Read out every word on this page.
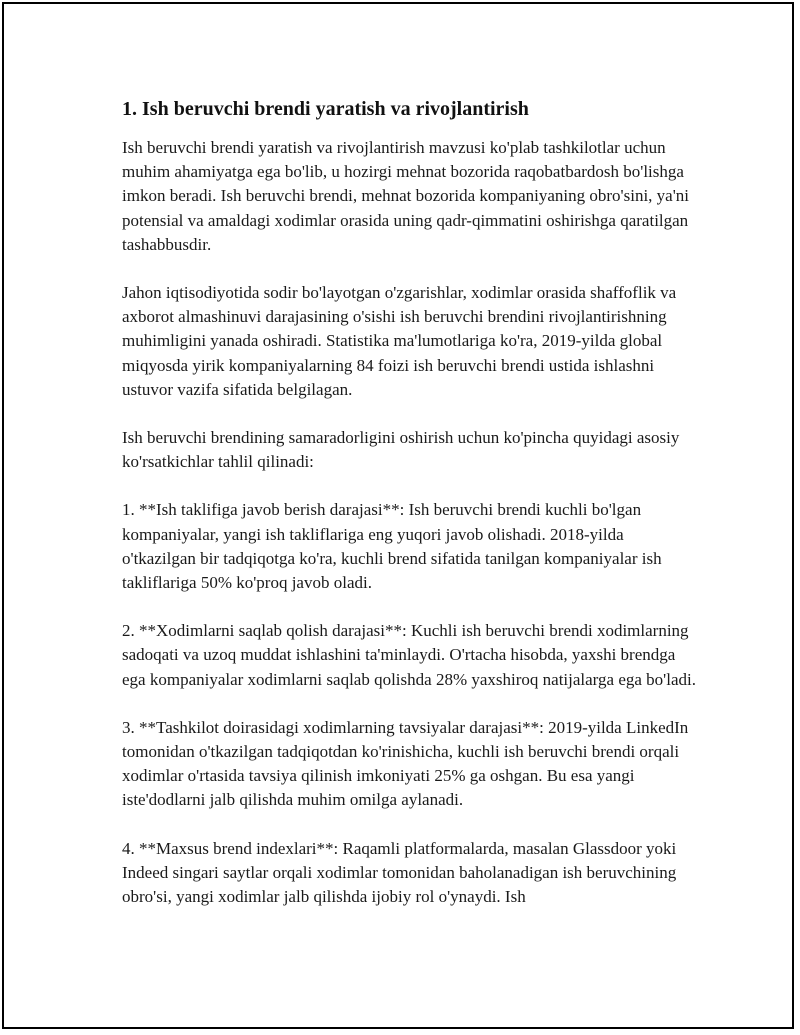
1. Ish beruvchi brendi yaratish va rivojlantirish

Ish beruvchi brendi yaratish va rivojlantirish mavzusi ko'plab tashkilotlar uchun muhim ahamiyatga ega bo'lib, u hozirgi mehnat bozorida raqobatbardosh bo'lishga imkon beradi. Ish beruvchi brendi, mehnat bozorida kompaniyaning obro'sini, ya'ni potensial va amaldagi xodimlar orasida uning qadr-qimmatini oshirishga qaratilgan tashabbusdir.

Jahon iqtisodiyotida sodir bo'layotgan o'zgarishlar, xodimlar orasida shaffoflik va axborot almashinuvi darajasining o'sishi ish beruvchi brendini rivojlantirishning muhimligini yanada oshiradi. Statistika ma'lumotlariga ko'ra, 2019-yilda global miqyosda yirik kompaniyalarning 84 foizi ish beruvchi brendi ustida ishlashni ustuvor vazifa sifatida belgilagan.

Ish beruvchi brendining samaradorligini oshirish uchun ko'pincha quyidagi asosiy ko'rsatkichlar tahlil qilinadi:

1. **Ish taklifiga javob berish darajasi**: Ish beruvchi brendi kuchli bo'lgan kompaniyalar, yangi ish takliflariga eng yuqori javob olishadi. 2018-yilda o'tkazilgan bir tadqiqotga ko'ra, kuchli brend sifatida tanilgan kompaniyalar ish takliflariga 50% ko'proq javob oladi.

2. **Xodimlarni saqlab qolish darajasi**: Kuchli ish beruvchi brendi xodimlarning sadoqati va uzoq muddat ishlashini ta'minlaydi. O'rtacha hisobda, yaxshi brendga ega kompaniyalar xodimlarni saqlab qolishda 28% yaxshiroq natijalarga ega bo'ladi.

3. **Tashkilot doirasidagi xodimlarning tavsiyalar darajasi**: 2019-yilda LinkedIn tomonidan o'tkazilgan tadqiqotdan ko'rinishicha, kuchli ish beruvchi brendi orqali xodimlar o'rtasida tavsiya qilinish imkoniyati 25% ga oshgan. Bu esa yangi iste'dodlarni jalb qilishda muhim omilga aylanadi.

4. **Maxsus brend indexlari**: Raqamli platformalarda, masalan Glassdoor yoki Indeed singari saytlar orqali xodimlar tomonidan baholanadigan ish beruvchining obro'si, yangi xodimlar jalb qilishda ijobiy rol o'ynaydi. Ish
